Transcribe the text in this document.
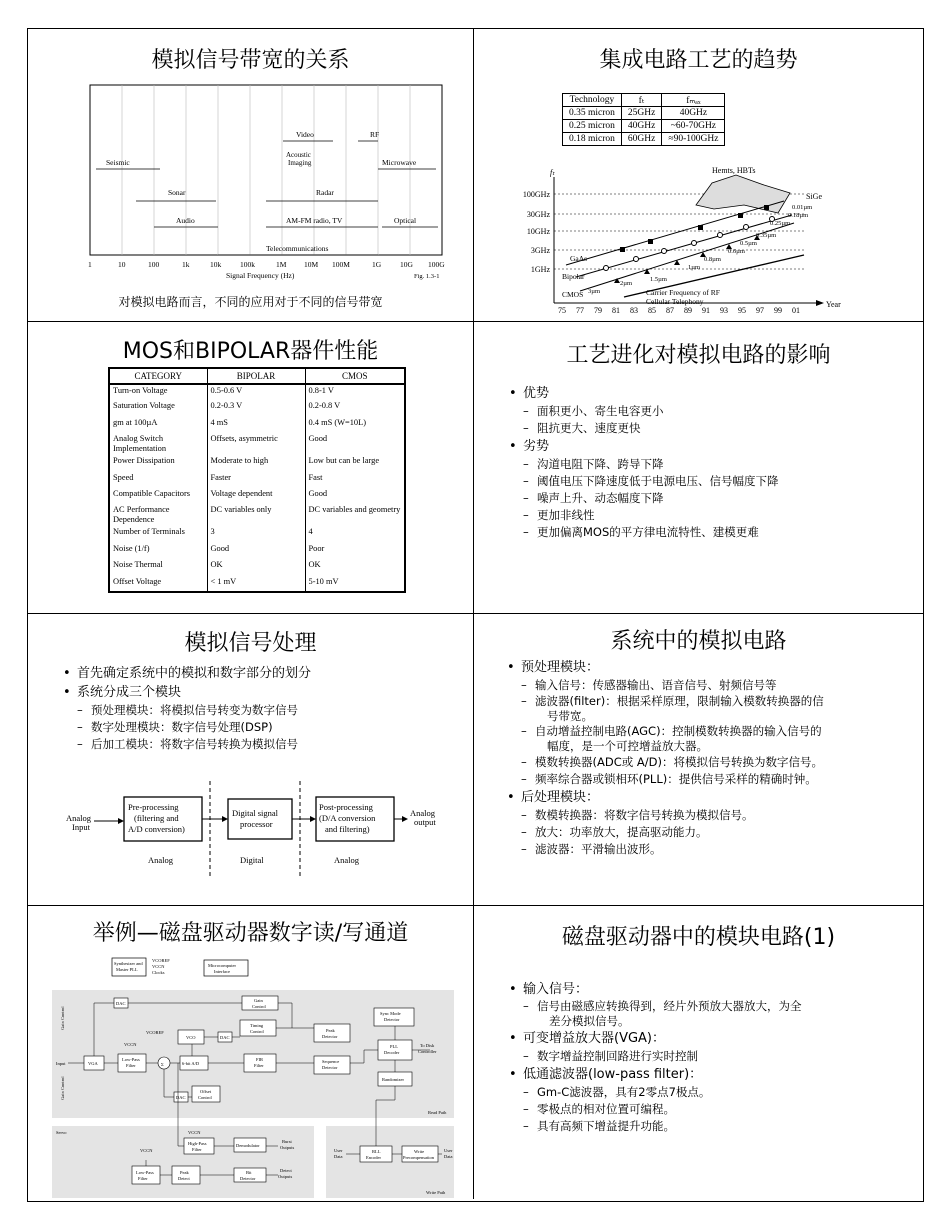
模拟信号带宽的关系
Video	RF
Acoustic
Imaging
Seismic	Microwave
Sonar	Radar
Audio	AM-FM radio, TV	Optical
Telecommunications
1	10	100	1k	10k	100k	1M 10M 100M	1G	10G 100G
Signal Frequency (Hz)	Fig. 1.3-1
对模拟电路而言，不同的应用对于不同的信号带宽
集成电路工艺的趋势
Technology	fₜ	fₘₐₓ
0.35 micron	25GHz	40GHz
0.25 micron	40GHz	~60-70GHz
0.18 micron	60GHz	≈90-100GHz
fₜ
100GHz
30GHz
10GHz
3GHz
1GHz
75 77 79 81 83 85 87 89 91 93 95 97 99 01
Year
Hemts, HBTs
SiGe
GaAs
Bipolar
CMOS	Carrier Frequency of RF
Cellular Telephony
0.01µm
0.18µm
0.25µm
0.35µm
0.5µm
0.6µm
0.8µm
1µm
1.5µm
2µm
3µm
MOS和BIPOLAR器件性能
CATEGORY	BIPOLAR	CMOS
Turn-on Voltage	0.5-0.6 V	0.8-1 V
Saturation Voltage	0.2-0.3 V	0.2-0.8 V
gm at 100µA	4 mS	0.4 mS (W=10L)
Analog Switch Implementation	Offsets, asymmetric	Good
Power Dissipation	Moderate to high	Low but can be large
Speed	Faster	Fast
Compatible Capacitors	Voltage dependent	Good
AC Performance Dependence	DC variables only	DC variables and geometry
Number of Terminals	3	4
Noise (1/f)	Good	Poor
Noise Thermal	OK	OK
Offset Voltage	< 1 mV	5-10 mV
工艺进化对模拟电路的影响
• 优势
– 面积更小、寄生电容更小
– 阻抗更大、速度更快
• 劣势
– 沟道电阻下降、跨导下降
– 阈值电压下降速度低于电源电压、信号幅度下降
– 噪声上升、动态幅度下降
– 更加非线性
– 更加偏离MOS的平方律电流特性、建模更难
模拟信号处理
• 首先确定系统中的模拟和数字部分的划分
• 系统分成三个模块
– 预处理模块：将模拟信号转变为数字信号
– 数字处理模块：数字信号处理(DSP)
– 后加工模块：将数字信号转换为模拟信号
Analog
Input
Pre-processing
(filtering and
A/D conversion)
Digital signal
processor
Post-processing
(D/A conversion
and filtering)
Analog
output
Analog	Digital	Analog
系统中的模拟电路
• 预处理模块：
– 输入信号：传感器输出、语音信号、射频信号等
– 滤波器(filter)：根据采样原理，限制输入模数转换器的信
号带宽。
– 自动增益控制电路(AGC)：控制模数转换器的输入信号的
幅度，是一个可控增益放大器。
– 模数转换器(ADC或 A/D)：将模拟信号转换为数字信号。
– 频率综合器或锁相环(PLL)：提供信号采样的精确时钟。
• 后处理模块：
– 数模转换器：将数字信号转换为模拟信号。
– 放大：功率放大，提高驱动能力。
– 滤波器：平滑输出波形。
举例—磁盘驱动器数字读/写通道
Synthesizer and
Master PLL
VCOREF
VCCN
Clocks
Microcomputer
Interface
DAC
Gain
Control
Timing
Control	Peak
Detector
Sync Mode
Detector
VCOREF
VCO	DAC
VCCN
VGA
Low-Pass
Filter	Σ	6-bit A/D
FIR
Filter
Sequence
Detector
PLL
Decoder
To Disk
Controller
Randomizer
DAC
Offset
Control
Input
Gain Control
Gain Control
Read Path
Servo
High-Pass
Filter
Demodulator
Burst
Outputs
Low-Pass
Filter
Peak
Detect
Bit
Detector
Detect
Outputs
VCCN
VCCN
User
Data
RLL
Encoder
Write
Precompensation
User
Data
Write Path
磁盘驱动器中的模块电路(1)
• 输入信号：
– 信号由磁感应转换得到，经片外预放大器放大，为全
差分模拟信号。
• 可变增益放大器(VGA)：
– 数字增益控制回路进行实时控制
• 低通滤波器(low-pass filter)：
– Gm-C滤波器，具有2零点7极点。
– 零极点的相对位置可编程。
– 具有高频下增益提升功能。
